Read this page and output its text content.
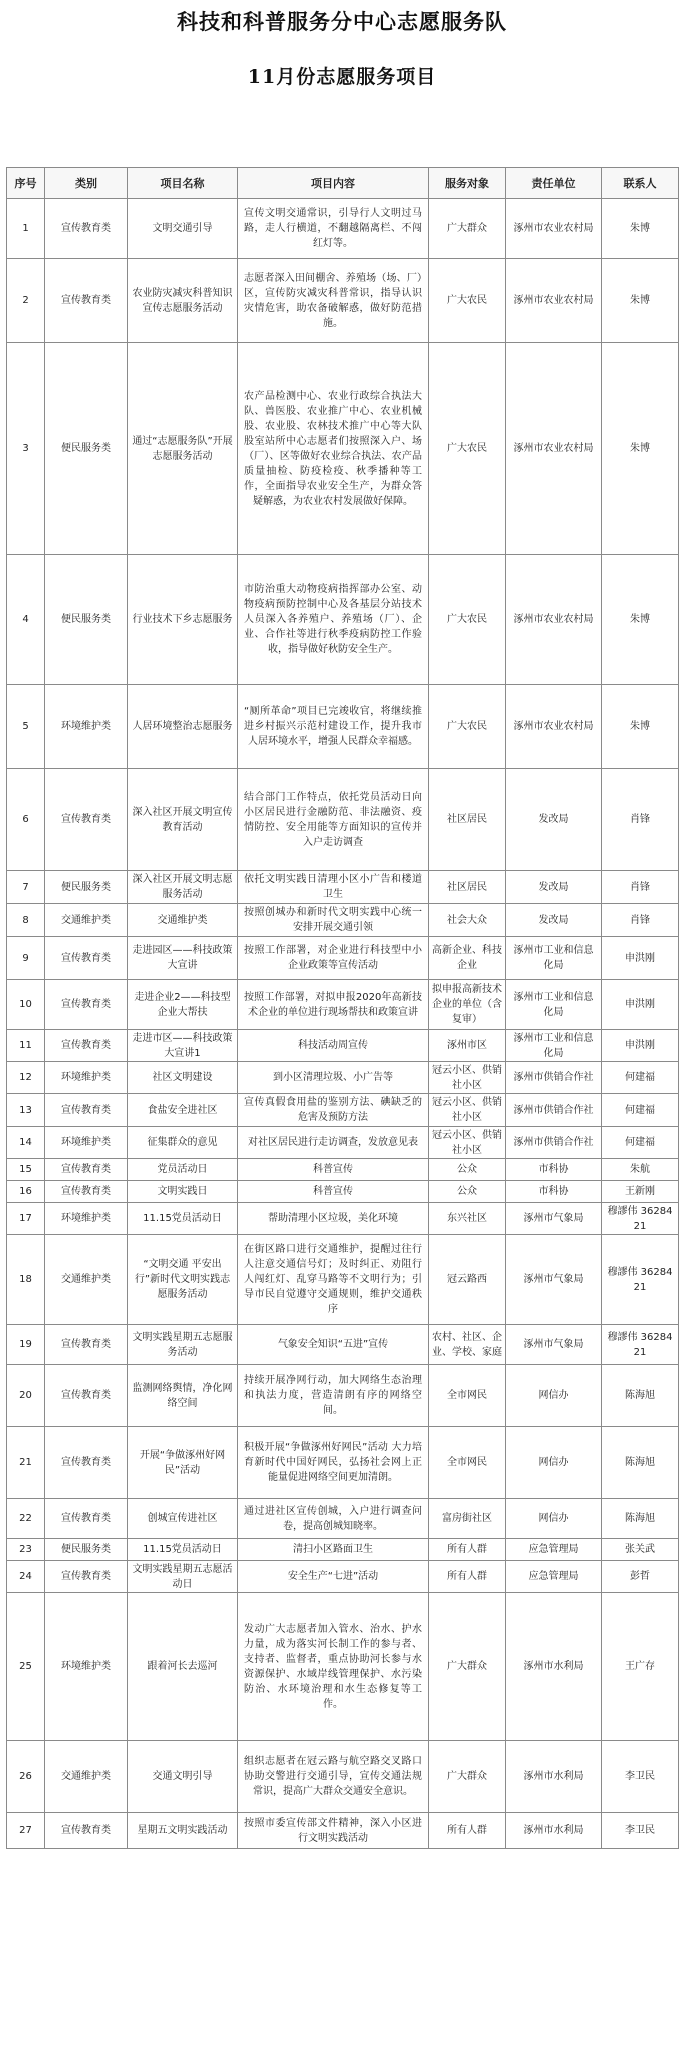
科技和科普服务分中心志愿服务队
11月份志愿服务项目
序号	类别	项目名称	项目内容	服务对象	责任单位	联系人
1	宣传教育类	文明交通引导	宣传文明交通常识，引导行人文明过马路，走人行横道，不翻越隔离栏、不闯红灯等。	广大群众	涿州市农业农村局	朱博
2	宣传教育类	农业防灾减灾科普知识宣传志愿服务活动	志愿者深入田间棚舍、养殖场（场、厂）区，宣传防灾减灾科普常识，指导认识灾情危害，助农备破解惑，做好防范措施。	广大农民	涿州市农业农村局	朱博
3	便民服务类	通过“志愿服务队”开展志愿服务活动	农产品检测中心、农业行政综合执法大队、兽医股、农业推广中心、农业机械股、农业股、农林技术推广中心等大队股室站所中心志愿者们按照深入户、场（厂）、区等做好农业综合执法、农产品质量抽检、防疫检疫、秋季播种等工作，全面指导农业安全生产，为群众答疑解惑，为农业农村发展做好保障。	广大农民	涿州市农业农村局	朱博
4	便民服务类	行业技术下乡志愿服务	市防治重大动物疫病指挥部办公室、动物疫病预防控制中心及各基层分站技术人员深入各养殖户、养殖场（厂）、企业、合作社等进行秋季疫病防控工作验收，指导做好秋防安全生产。	广大农民	涿州市农业农村局	朱博
5	环境维护类	人居环境整治志愿服务	“厕所革命”项目已完竣收官，将继续推进乡村振兴示范村建设工作，提升我市人居环境水平，增强人民群众幸福感。	广大农民	涿州市农业农村局	朱博
6	宣传教育类	深入社区开展文明宣传教育活动	结合部门工作特点，依托党员活动日向小区居民进行金融防范、非法融资、疫情防控、安全用能等方面知识的宣传并入户走访调查	社区居民	发改局	肖锋
7	便民服务类	深入社区开展文明志愿服务活动	依托文明实践日清理小区小广告和楼道 卫生	社区居民	发改局	肖锋
8	交通维护类	交通维护类	按照创城办和新时代文明实践中心统一安排开展交通引领	社会大众	发改局	肖锋
9	宣传教育类	走进园区——科技政策大宣讲	按照工作部署，对企业进行科技型中小企业政策等宣传活动	高新企业、科技企业	涿州市工业和信息化局	申洪刚
10	宣传教育类	走进企业2——科技型企业大帮扶	按照工作部署，对拟申报2020年高新技术企业的单位进行现场帮扶和政策宣讲	拟申报高新技术企业的单位（含复审）	涿州市工业和信息化局	申洪刚
11	宣传教育类	走进市区——科技政策大宣讲1	科技活动周宣传	涿州市区	涿州市工业和信息化局	申洪刚
12	环境维护类	社区文明建设	到小区清理垃圾、小广告等	冠云小区、供销社小区	涿州市供销合作社	何建福
13	宣传教育类	食盐安全进社区	宣传真假食用盐的鉴别方法、碘缺乏的危害及预防方法	冠云小区、供销社小区	涿州市供销合作社	何建福
14	环境维护类	征集群众的意见	对社区居民进行走访调查，发放意见表	冠云小区、供销社小区	涿州市供销合作社	何建福
15	宣传教育类	党员活动日	科普宣传	公众	市科协	朱航
16	宣传教育类	文明实践日	科普宣传	公众	市科协	王新刚
17	环境维护类	11.15党员活动日	帮助清理小区垃圾，美化环境	东兴社区	涿州市气象局	穆謬伟 3628421
18	交通维护类	“文明交通 平安出行”新时代文明实践志愿服务活动	在街区路口进行交通维护，提醒过往行人注意交通信号灯；及时纠正、劝阻行人闯红灯、乱穿马路等不文明行为；引导市民自觉遵守交通规则，维护交通秩序	冠云路西	涿州市气象局	穆謬伟 3628421
19	宣传教育类	文明实践星期五志愿服务活动	气象安全知识“五进”宣传	农村、社区、企业、学校、家庭	涿州市气象局	穆謬伟 3628421
20	宣传教育类	监测网络舆情，净化网络空间	持续开展净网行动，加大网络生态治理和执法力度，营造清朗有序的网络空间。	全市网民	网信办	陈海旭
21	宣传教育类	开展“争做涿州好网民”活动	积极开展“争做涿州好网民”活动 大力培育新时代中国好网民，弘扬社会网上正能量促进网络空间更加清朗。	全市网民	网信办	陈海旭
22	宣传教育类	创城宣传进社区	通过进社区宣传创城，入户进行调查问卷，提高创城知晓率。	富房街社区	网信办	陈海旭
23	便民服务类	11.15党员活动日	清扫小区路面卫生	所有人群	应急管理局	张关武
24	宣传教育类	文明实践星期五志愿活动日	安全生产“七进”活动	所有人群	应急管理局	彭哲
25	环境维护类	跟着河长去巡河	发动广大志愿者加入管水、治水、护水力量，成为落实河长制工作的参与者、支持者、监督者，重点协助河长参与水资源保护、水域岸线管理保护、水污染防治、水环境治理和水生态修复等工作。	广大群众	涿州市水利局	王广存
26	交通维护类	交通文明引导	组织志愿者在冠云路与航空路交叉路口协助交警进行交通引导，宣传交通法规常识，提高广大群众交通安全意识。	广大群众	涿州市水利局	李卫民
27	宣传教育类	星期五文明实践活动	按照市委宣传部文件精神，深入小区进行文明实践活动	所有人群	涿州市水利局	李卫民
